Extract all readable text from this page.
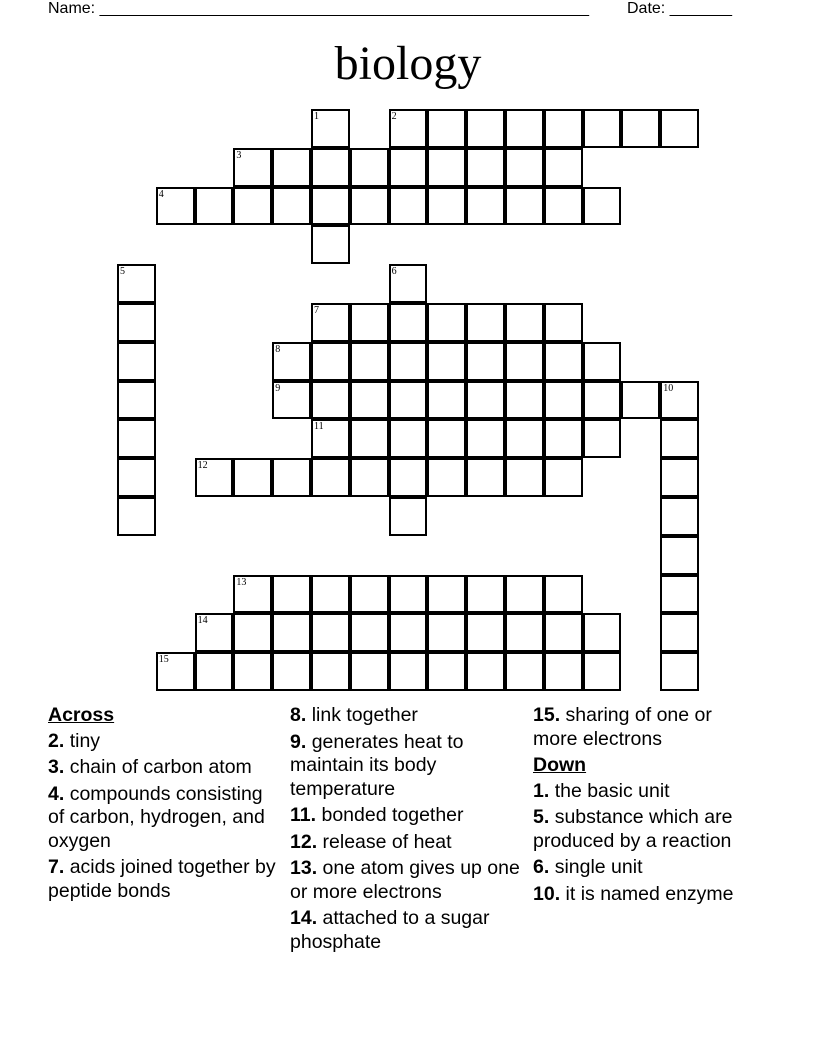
Name: _______________________________________________________ Date: _______
biology
1	2
3
4
5	6
7
8
9	10
11
12
13
14
15
Across
2. tiny
3. chain of carbon atom
4. compounds consisting of carbon, hydrogen, and oxygen
7. acids joined together by peptide bonds
8. link together
9. generates heat to maintain its body temperature
11. bonded together
12. release of heat
13. one atom gives up one or more electrons
14. attached to a sugar phosphate
15. sharing of one or more electrons
Down
1. the basic unit
5. substance which are produced by a reaction
6. single unit
10. it is named enzyme
